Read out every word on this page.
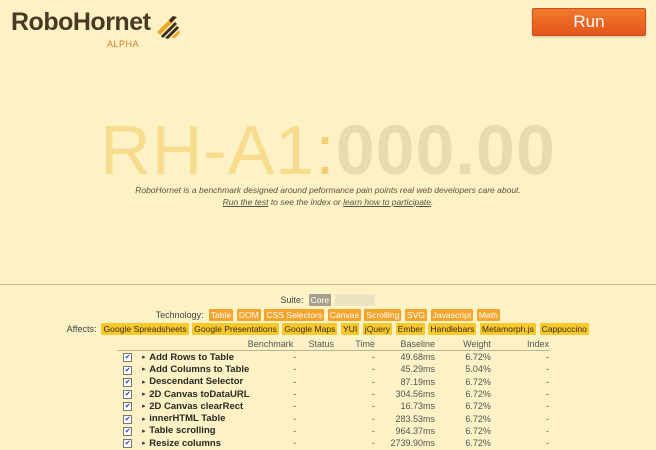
RoboHornet
ALPHA
Run
RH-A1:000.00
RoboHornet is a benchmark designed around peformance pain points real web developers care about.
Run the test to see the index or learn how to participate.
Suite: Core Extended
Technology: Table DOM CSS Selectors Canvas Scrolling SVG Javascript Math
Affects: Google Spreadsheets Google Presentations Google Maps YUI jQuery Ember Handlebars Metamorph.js Cappuccino
	Benchmark		Status	Time	Baseline	Weight	Index
✔	▸	Add Rows to Table	-	-	49.68ms	6.72%	-
✔	▸	Add Columns to Table	-	-	45.29ms	5.04%	-
✔	▸	Descendant Selector	-	-	87.19ms	6.72%	-
✔	▸	2D Canvas toDataURL	-	-	304.56ms	6.72%	-
✔	▸	2D Canvas clearRect	-	-	16.73ms	6.72%	-
✔	▸	innerHTML Table	-	-	283.53ms	6.72%	-
✔	▸	Table scrolling	-	-	964.37ms	6.72%	-
✔	▸	Resize columns	-	-	2739.90ms	6.72%	-
